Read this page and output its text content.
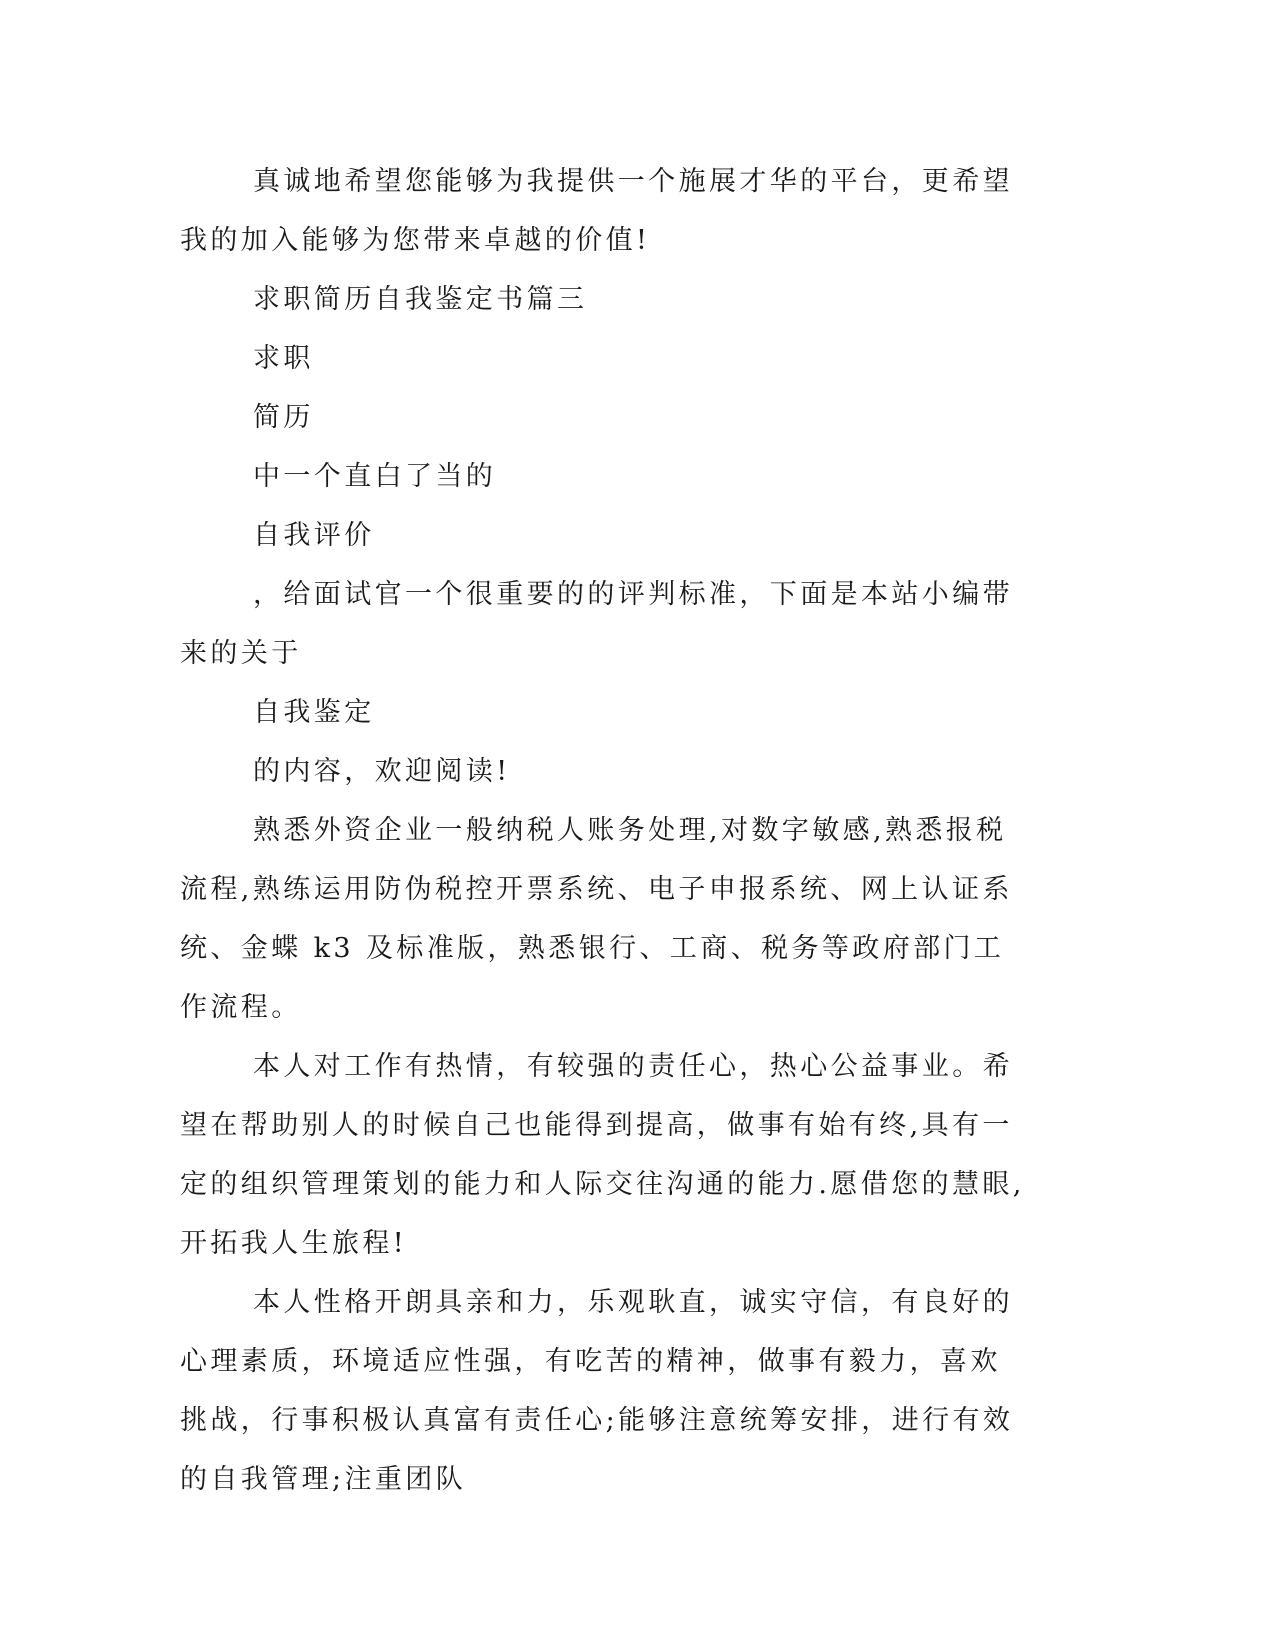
真诚地希望您能够为我提供一个施展才华的平台，更希望我的加入能够为您带来卓越的价值!

求职简历自我鉴定书篇三

求职

简历

中一个直白了当的

自我评价

，给面试官一个很重要的的评判标准，下面是本站小编带来的关于

自我鉴定

的内容，欢迎阅读!

熟悉外资企业一般纳税人账务处理,对数字敏感,熟悉报税流程,熟练运用防伪税控开票系统、电子申报系统、网上认证系统、金蝶 k3 及标准版，熟悉银行、工商、税务等政府部门工作流程。

本人对工作有热情，有较强的责任心，热心公益事业。希望在帮助别人的时候自己也能得到提高，做事有始有终,具有一定的组织管理策划的能力和人际交往沟通的能力.愿借您的慧眼,开拓我人生旅程!

本人性格开朗具亲和力，乐观耿直，诚实守信，有良好的心理素质，环境适应性强，有吃苦的精神，做事有毅力，喜欢挑战，行事积极认真富有责任心;能够注意统筹安排，进行有效的自我管理;注重团队
